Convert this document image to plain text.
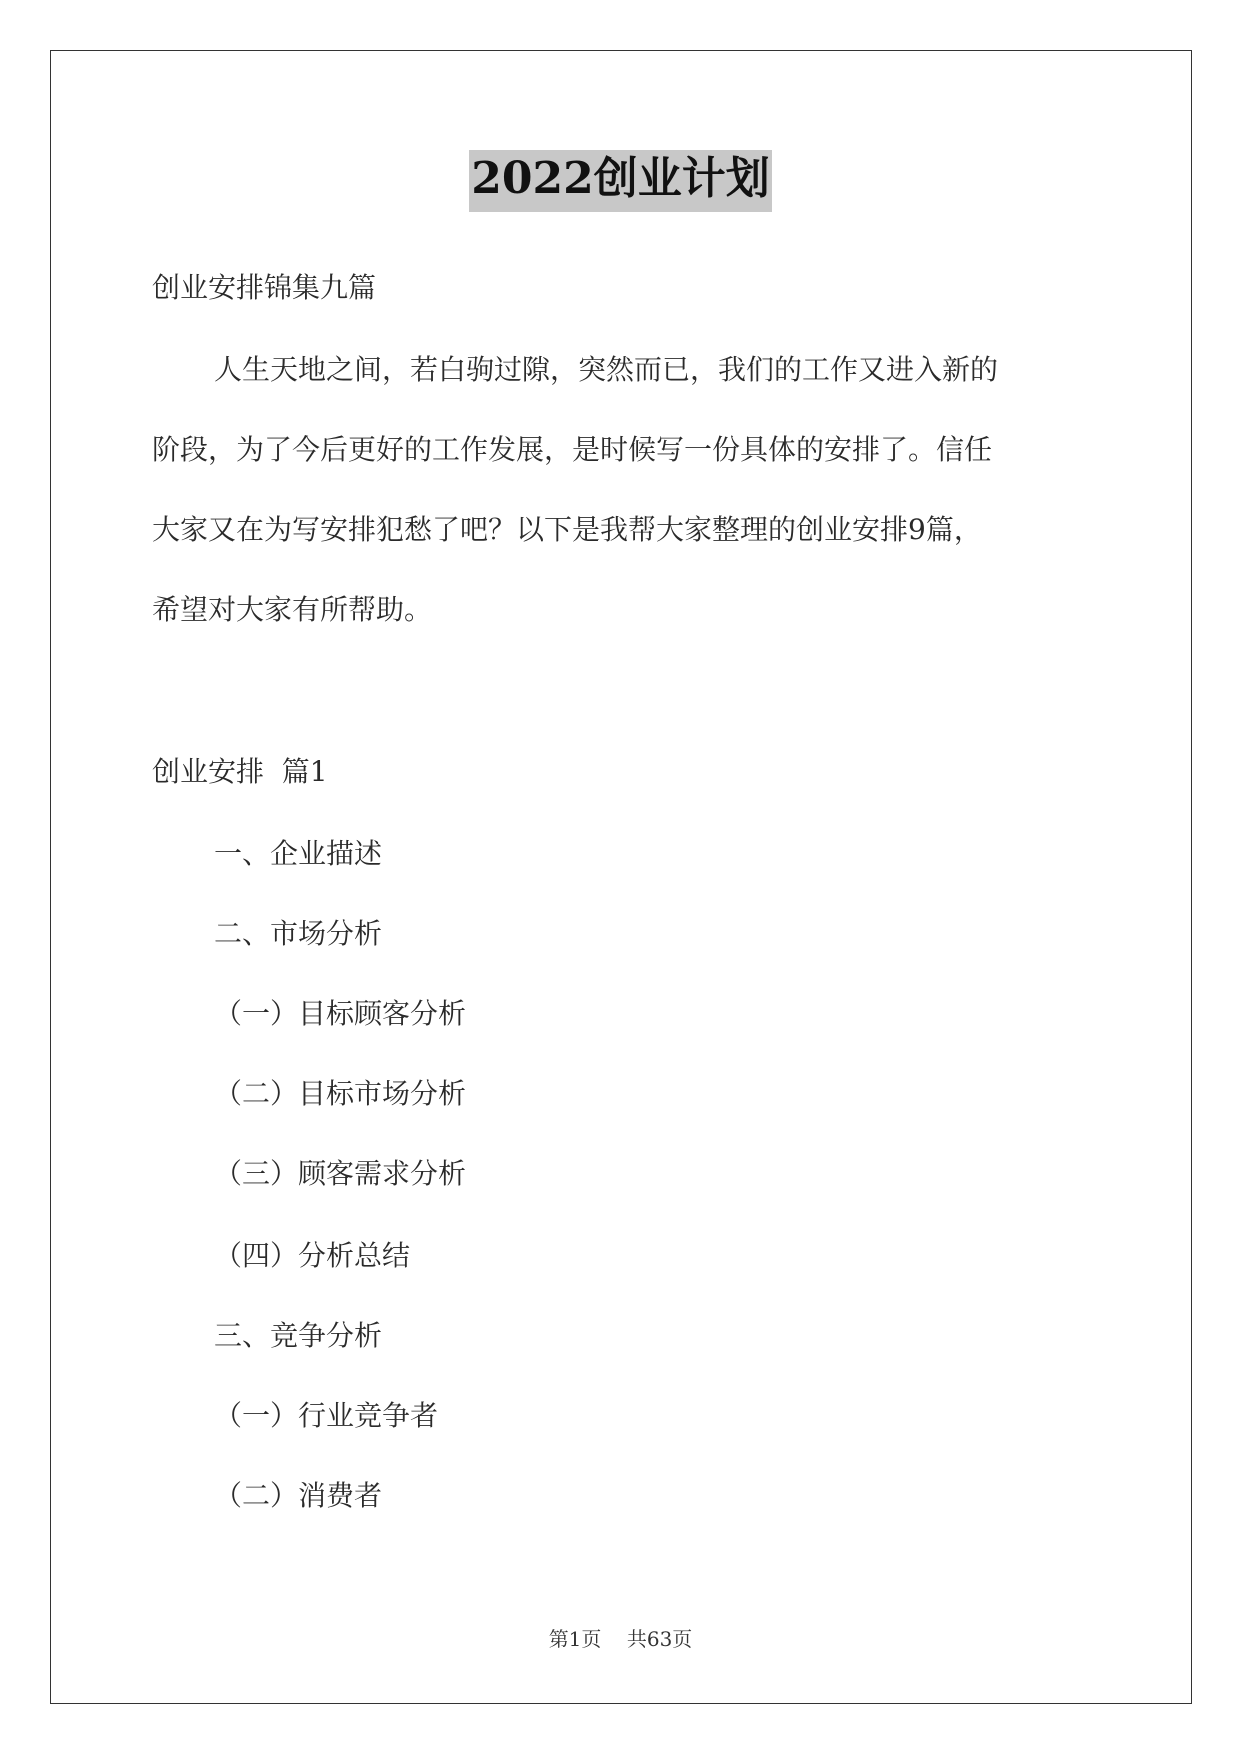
2022创业计划
创业安排锦集九篇
人生天地之间，若白驹过隙，突然而已，我们的工作又进入新的
阶段，为了今后更好的工作发展，是时候写一份具体的安排了。信任
大家又在为写安排犯愁了吧？以下是我帮大家整理的创业安排9篇，
希望对大家有所帮助。
创业安排  篇1
一、企业描述
二、市场分析
（一）目标顾客分析
（二）目标市场分析
（三）顾客需求分析
（四）分析总结
三、竞争分析
（一）行业竞争者
（二）消费者
第1页    共63页
